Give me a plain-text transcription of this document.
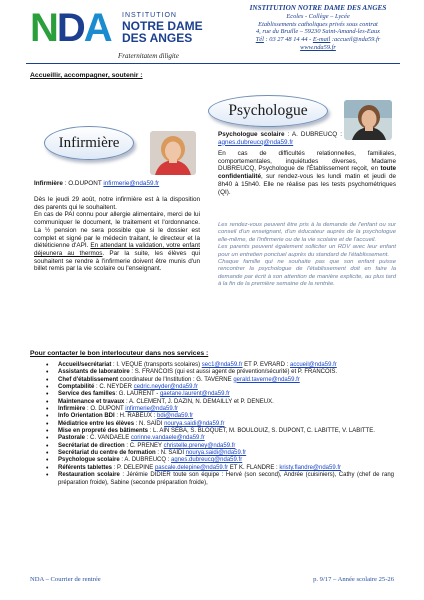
NDA INSTITUTION
NOTRE DAME
DES ANGES
Fraternitatem diligite
INSTITUTION NOTRE DAME DES ANGES
Ecoles - Collège – Lycée
Etablissements catholiques privés sous contrat
4, rue du Bruille – 59230 Saint-Amand-les-Eaux
Tél : 03 27 48 14 44 - E-mail :accueil@nda59.fr
www.nda59.fr
Accueillir, accompagner, soutenir :
Psychologue
Infirmière
Infirmière : O.DUPONT infirmerie@nda59.fr
Dès le jeudi 29 août, notre infirmière est à la disposition des parents qui le souhaitent.
En cas de PAI connu pour allergie alimentaire, merci de lui communiquer le document, le traitement et l'ordonnance. La ½ pension ne sera possible que si le dossier est complet et signé par le médecin traitant, le directeur et la diététicienne d'API. En attendant la validation, votre enfant déjeunera au thermos. Par la suite, les élèves qui souhaitent se rendre à l'infirmerie doivent être munis d'un billet remis par la vie scolaire ou l'enseignant.
Psychologue scolaire : A. DUBREUCQ : agnes.dubreucq@nda59.fr
En cas de difficultés relationnelles, familiales, comportementales, inquiétudes diverses, Madame DUBREUCQ, Psychologue de l'Établissement reçoit, en toute confidentialité, sur rendez-vous les lundi matin et jeudi de 8h40 à 15h40. Elle ne réalise pas les tests psychométriques (QI).
Les rendez-vous peuvent être pris à la demande de l'enfant ou sur conseil d'un enseignant, d'un éducateur auprès de la psychologue elle-même, de l'infirmerie ou de la vie scolaire et de l'accueil.
Les parents peuvent également solliciter un RDV avec leur enfant pour un entretien ponctuel auprès du standard de l'établissement.
Chaque famille qui ne souhaite pas que son enfant puisse rencontrer la psychologue de l'établissement doit en faire la demande par écrit à son attention de manière explicite, au plus tard à la fin de la première semaine de la rentrée.
Pour contacter le bon interlocuteur dans nos services :
• Accueil/secrétariat : I. VEQUE (transports scolaires) sec1@nda59.fr ET P. EVRARD : accueil@nda59.fr
• Assistants de laboratoire : S. FRANCOIS (qui est aussi agent de prévention/sécurité) et P. FRANCOIS.
• Chef d'établissement coordinateur de l'Institution : G. TAVERNE gerald.taverne@nda59.fr
• Comptabilité : C. NEYDER cedric.neyder@nda59.fr
• Service des familles: G. LAURENT - gaetane.laurent@nda59.fr
• Maintenance et travaux : A. CLEMENT, J. DAZIN, N. DEMAILLY et P. DENEUX.
• Infirmière : O. DUPONT infirmerie@nda59.fr
• Info Orientation BDI : H. RABEUX : bdi@nda59.fr
• Médiatrice entre les élèves : N. SAÏDI nourya.saidi@nda59.fr
• Mise en propreté des bâtiments : L. AIN SEBA, S. BLOQUET, M. BOULOUIZ, S. DUPONT, C. LABITTE, V. LABITTE.
• Pastorale : C. VANDAELE corinne.vandaele@nda59.fr
• Secrétariat de direction : C. PRENEY christelle.preney@nda59.fr
• Secrétariat du centre de formation : N. SAÏDI nourya.saidi@nda59.fr
• Psychologue scolaire : A. DUBREUCQ : agnes.dubreucq@nda59.fr
• Référents tablettes : P. DELEPINE pascale.delepine@nda59.fr ET K. FLANDRE : kristy.flandre@nda59.fr
• Restauration scolaire : Jérémie DIDIER toute son équipe : Hervé (son second), Andrée (cuisiniers), Cathy (chef de rang préparation froide), Sabine (seconde préparation froide),
NDA – Courrier de rentrée	p. 9/17 – Année scolaire 25-26
